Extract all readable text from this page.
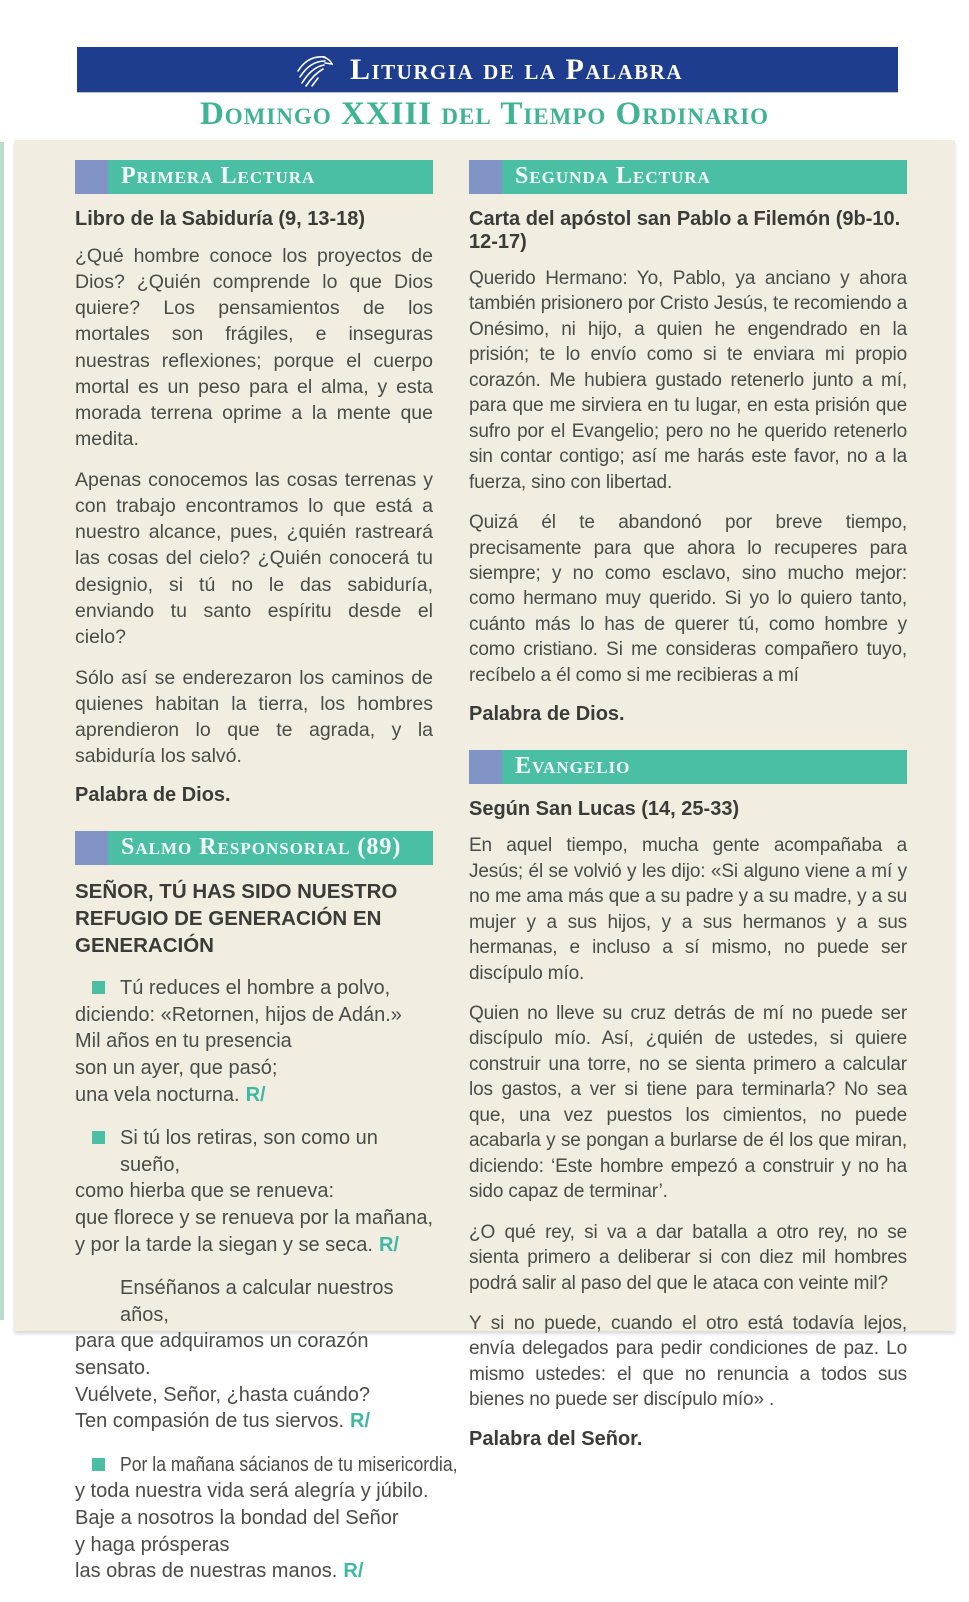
Liturgia de la Palabra
Domingo XXIII del Tiempo Ordinario
Primera Lectura
Libro de la Sabiduría (9, 13-18)
¿Qué hombre conoce los proyectos de Dios? ¿Quién comprende lo que Dios quiere? Los pensamientos de los mortales son frágiles, e inseguras nuestras reflexiones; porque el cuerpo mortal es un peso para el alma, y esta morada terrena oprime a la mente que medita.
Apenas conocemos las cosas terrenas y con trabajo encontramos lo que está a nuestro alcance, pues, ¿quién rastreará las cosas del cielo? ¿Quién conocerá tu designio, si tú no le das sabiduría, enviando tu santo espíritu desde el cielo?
Sólo así se enderezaron los caminos de quienes habitan la tierra, los hombres aprendieron lo que te agrada, y la sabiduría los salvó.
Palabra de Dios.
Salmo Responsorial (89)
SEÑOR, TÚ HAS SIDO NUESTRO REFUGIO DE GENERACIÓN EN GENERACIÓN
Tú reduces el hombre a polvo,
diciendo: «Retornen, hijos de Adán.»
Mil años en tu presencia
son un ayer, que pasó;
una vela nocturna. R/
Si tú los retiras, son como un sueño,
como hierba que se renueva:
que florece y se renueva por la mañana,
y por la tarde la siegan y se seca. R/
Enséñanos a calcular nuestros años,
para que adquiramos un corazón sensato.
Vuélvete, Señor, ¿hasta cuándo?
Ten compasión de tus siervos. R/
Por la mañana sácianos de tu misericordia,
y toda nuestra vida será alegría y júbilo.
Baje a nosotros la bondad del Señor
y haga prósperas
las obras de nuestras manos. R/
Segunda Lectura
Carta del apóstol san Pablo a Filemón (9b-10. 12-17)
Querido Hermano: Yo, Pablo, ya anciano y ahora también prisionero por Cristo Jesús, te recomiendo a Onésimo, ni hijo, a quien he engendrado en la prisión; te lo envío como si te enviara mi propio corazón. Me hubiera gustado retenerlo junto a mí, para que me sirviera en tu lugar, en esta prisión que sufro por el Evangelio; pero no he querido retenerlo sin contar contigo; así me harás este favor, no a la fuerza, sino con libertad.
Quizá él te abandonó por breve tiempo, precisamente para que ahora lo recuperes para siempre; y no como esclavo, sino mucho mejor: como hermano muy querido. Si yo lo quiero tanto, cuánto más lo has de querer tú, como hombre y como cristiano. Si me consideras compañero tuyo, recíbelo a él como si me recibieras a mí
Palabra de Dios.
Evangelio
Según San Lucas (14, 25-33)
En aquel tiempo, mucha gente acompañaba a Jesús; él se volvió y les dijo: «Si alguno viene a mí y no me ama más que a su padre y a su madre, y a su mujer y a sus hijos, y a sus hermanos y a sus hermanas, e incluso a sí mismo, no puede ser discípulo mío.
Quien no lleve su cruz detrás de mí no puede ser discípulo mío. Así, ¿quién de ustedes, si quiere construir una torre, no se sienta primero a calcular los gastos, a ver si tiene para terminarla? No sea que, una vez puestos los cimientos, no puede acabarla y se pongan a burlarse de él los que miran, diciendo: ‘Este hombre empezó a construir y no ha sido capaz de terminar’.
¿O qué rey, si va a dar batalla a otro rey, no se sienta primero a deliberar si con diez mil hombres podrá salir al paso del que le ataca con veinte mil?
Y si no puede, cuando el otro está todavía lejos, envía delegados para pedir condiciones de paz. Lo mismo ustedes: el que no renuncia a todos sus bienes no puede ser discípulo mío» .
Palabra del Señor.
